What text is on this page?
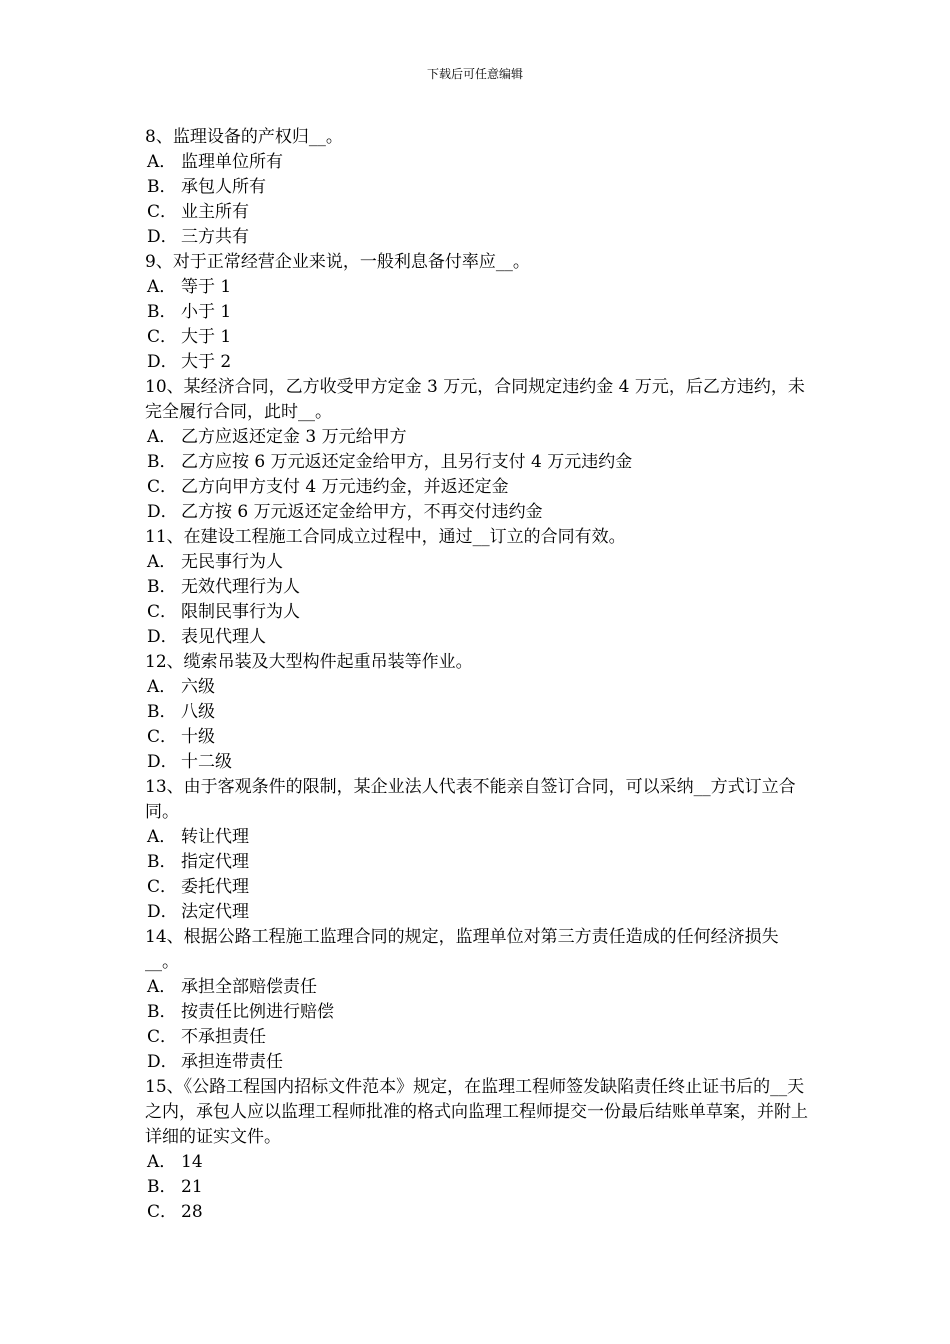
下载后可任意编辑

8、监理设备的产权归__。

A． 监理单位所有

B． 承包人所有

C． 业主所有

D． 三方共有

9、对于正常经营企业来说，一般利息备付率应__。

A． 等于 1

B． 小于 1

C． 大于 1

D． 大于 2

10、某经济合同，乙方收受甲方定金 3 万元，合同规定违约金 4 万元，后乙方违约，未完全履行合同，此时__。

A． 乙方应返还定金 3 万元给甲方

B． 乙方应按 6 万元返还定金给甲方，且另行支付 4 万元违约金

C． 乙方向甲方支付 4 万元违约金，并返还定金

D． 乙方按 6 万元返还定金给甲方，不再交付违约金

11、在建设工程施工合同成立过程中，通过__订立的合同有效。

A． 无民事行为人

B． 无效代理行为人

C． 限制民事行为人

D． 表见代理人

12、缆索吊装及大型构件起重吊装等作业。

A． 六级

B． 八级

C． 十级

D． 十二级

13、由于客观条件的限制，某企业法人代表不能亲自签订合同，可以采纳__方式订立合同。

A． 转让代理

B． 指定代理

C． 委托代理

D． 法定代理

14、根据公路工程施工监理合同的规定，监理单位对第三方责任造成的任何经济损失__。

A． 承担全部赔偿责任

B． 按责任比例进行赔偿

C． 不承担责任

D． 承担连带责任

15、《公路工程国内招标文件范本》规定，在监理工程师签发缺陷责任终止证书后的__天之内，承包人应以监理工程师批准的格式向监理工程师提交一份最后结账单草案，并附上详细的证实文件。

A． 14

B． 21

C． 28
